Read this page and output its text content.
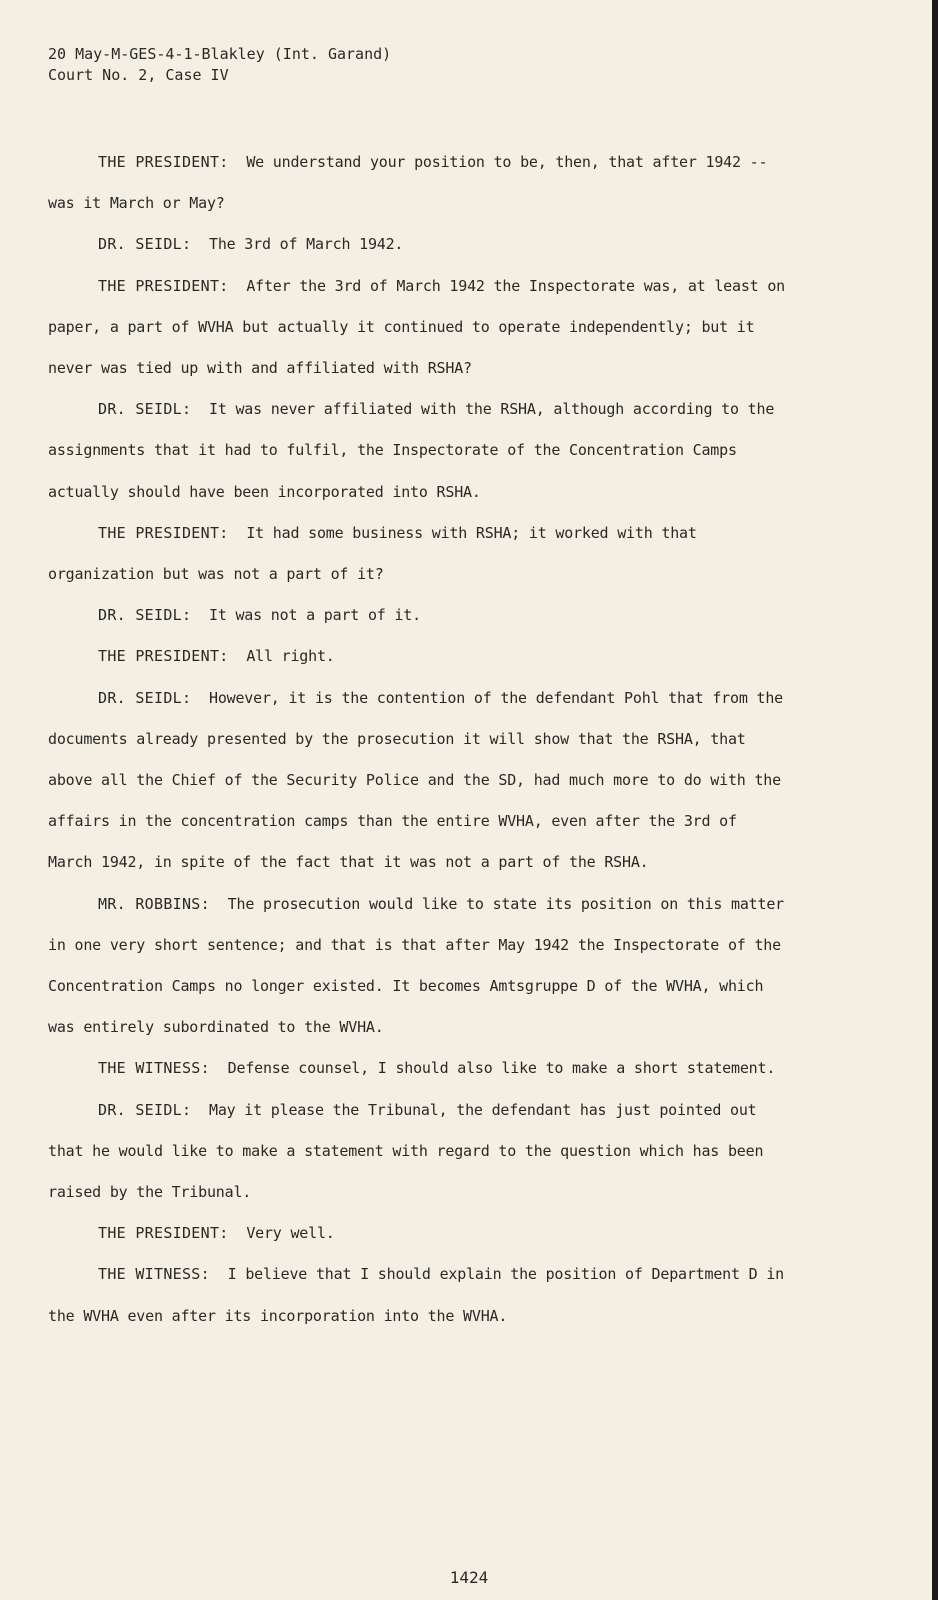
20 May-M-GES-4-1-Blakley (Int. Garand)
Court No. 2, Case IV

THE PRESIDENT: We understand your position to be, then, that after 1942 -- was it March or May?

DR. SEIDL: The 3rd of March 1942.

THE PRESIDENT: After the 3rd of March 1942 the Inspectorate was, at least on paper, a part of WVHA but actually it continued to operate independently; but it never was tied up with and affiliated with RSHA?

DR. SEIDL: It was never affiliated with the RSHA, although according to the assignments that it had to fulfil, the Inspectorate of the Concentration Camps actually should have been incorporated into RSHA.

THE PRESIDENT: It had some business with RSHA; it worked with that organization but was not a part of it?

DR. SEIDL: It was not a part of it.

THE PRESIDENT: All right.

DR. SEIDL: However, it is the contention of the defendant Pohl that from the documents already presented by the prosecution it will show that the RSHA, that above all the Chief of the Security Police and the SD, had much more to do with the affairs in the concentration camps than the entire WVHA, even after the 3rd of March 1942, in spite of the fact that it was not a part of the RSHA.

MR. ROBBINS: The prosecution would like to state its position on this matter in one very short sentence; and that is that after May 1942 the Inspectorate of the Concentration Camps no longer existed. It becomes Amtsgruppe D of the WVHA, which was entirely subordinated to the WVHA.

THE WITNESS: Defense counsel, I should also like to make a short statement.

DR. SEIDL: May it please the Tribunal, the defendant has just pointed out that he would like to make a statement with regard to the question which has been raised by the Tribunal.

THE PRESIDENT: Very well.

THE WITNESS: I believe that I should explain the position of Department D in the WVHA even after its incorporation into the WVHA.

1424
